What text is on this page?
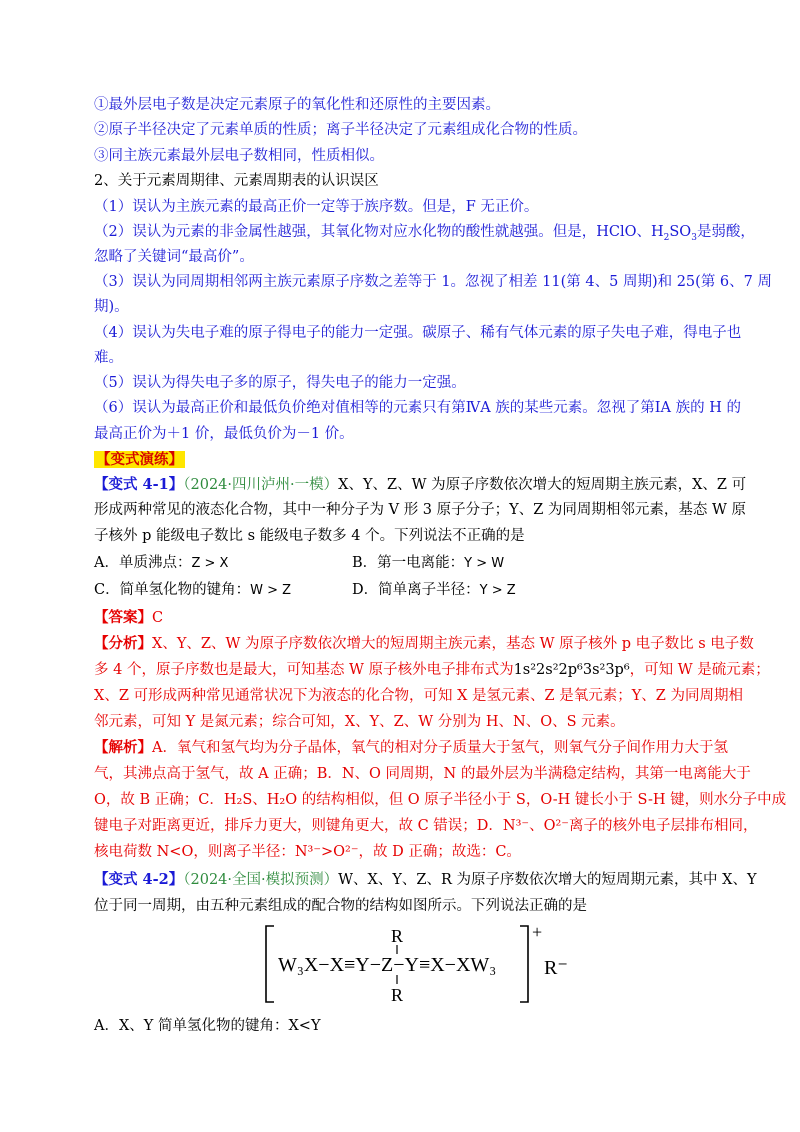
①最外层电子数是决定元素原子的氧化性和还原性的主要因素。
②原子半径决定了元素单质的性质；离子半径决定了元素组成化合物的性质。
③同主族元素最外层电子数相同，性质相似。
2、关于元素周期律、元素周期表的认识误区
（1）误认为主族元素的最高正价一定等于族序数。但是，F 无正价。
（2）误认为元素的非金属性越强，其氧化物对应水化物的酸性就越强。但是，HClO、$H_2SO_3$是弱酸，
忽略了关键词“最高价”。
（3）误认为同周期相邻两主族元素原子序数之差等于 1。忽视了相差 11(第 4、5 周期)和 25(第 6、7 周
期)。
（4）误认为失电子难的原子得电子的能力一定强。碳原子、稀有气体元素的原子失电子难，得电子也
难。
（5）误认为得失电子多的原子，得失电子的能力一定强。
（6）误认为最高正价和最低负价绝对值相等的元素只有第ⅣA 族的某些元素。忽视了第ⅠA 族的 H 的
最高正价为＋1 价，最低负价为－1 价。
【变式演练】
【变式 4-1】（2024·四川泸州·一模）X、Y、Z、W 为原子序数依次增大的短周期主族元素，X、Z 可
形成两种常见的液态化合物，其中一种分子为 V 形 3 原子分子；Y、Z 为同周期相邻元素，基态 W 原
子核外 p 能级电子数比 s 能级电子数多 4 个。下列说法不正确的是
A．单质沸点：Z > X	B．第一电离能：Y > W
C．简单氢化物的键角：W > Z	D．简单离子半径：Y > Z
【答案】C
【分析】X、Y、Z、W 为原子序数依次增大的短周期主族元素，基态 W 原子核外 p 电子数比 s 电子数
多 4 个，原子序数也是最大，可知基态 W 原子核外电子排布式为1s²2s²2p⁶3s²3p⁶，可知 W 是硫元素；
X、Z 可形成两种常见通常状况下为液态的化合物，可知 X 是氢元素、Z 是氧元素；Y、Z 为同周期相
邻元素，可知 Y 是氮元素；综合可知，X、Y、Z、W 分别为 H、N、O、S 元素。
【解析】A．氧气和氢气均为分子晶体，氧气的相对分子质量大于氢气，则氧气分子间作用力大于氢
气，其沸点高于氢气，故 A 正确；B．N、O 同周期，N 的最外层为半满稳定结构，其第一电离能大于
O，故 B 正确；C．H₂S、H₂O 的结构相似，但 O 原子半径小于 S，O-H 键长小于 S-H 键，则水分子中成
键电子对距离更近，排斥力更大，则键角更大，故 C 错误；D．N³⁻、O²⁻离子的核外电子层排布相同，
核电荷数 N<O，则离子半径：N³⁻>O²⁻，故 D 正确；故选：C。
【变式 4-2】（2024·全国·模拟预测）W、X、Y、Z、R 为原子序数依次增大的短周期元素，其中 X、Y
位于同一周期，由五种元素组成的配合物的结构如图所示。下列说法正确的是
W₃X−X≡Y−Z−Y≡X−XW₃
R
R
+
R⁻
A．X、Y 简单氢化物的键角：X<Y
